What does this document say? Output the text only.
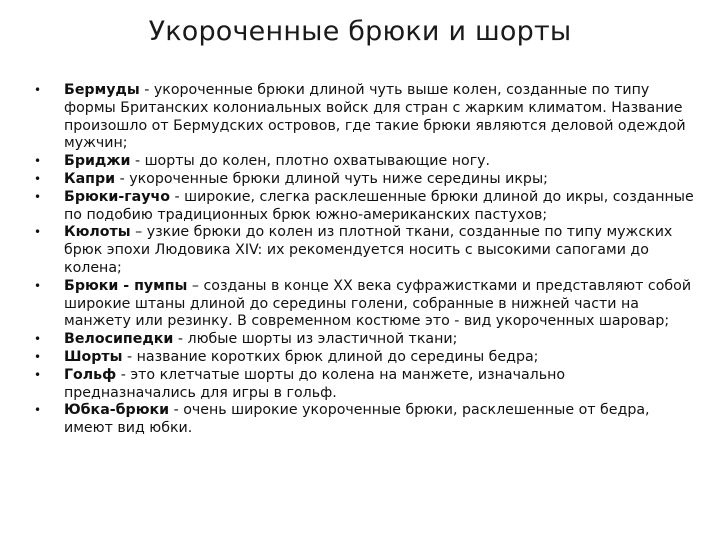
Укороченные брюки и шорты
•	Бермуды - укороченные брюки длиной чуть выше колен, созданные по типу формы Британских колониальных войск для стран с жарким климатом. Название произошло от Бермудских островов, где такие брюки являются деловой одеждой мужчин;
•	Бриджи - шорты до колен, плотно охватывающие ногу.
•	Капри - укороченные брюки длиной чуть ниже середины икры;
•	Брюки-гаучо - широкие, слегка расклешенные брюки длиной до икры, созданные по подобию традиционных брюк южно-американских пастухов;
•	Кюлоты – узкие брюки до колен из плотной ткани, созданные по типу мужских брюк эпохи Людовика XIV: их рекомендуется носить с высокими сапогами до колена;
•	Брюки - пумпы – созданы в конце XX века суфражистками и представляют собой широкие штаны длиной до середины голени, собранные в нижней части на манжету или резинку. В современном костюме это - вид укороченных шароваp;
•	Велосипедки - любые шорты из эластичной ткани;
•	Шорты - название коротких брюк длиной до середины бедра;
•	Гольф - это клетчатые шорты до колена на манжете, изначально предназначались для игры в гольф.
•	Юбка-брюки - очень широкие укороченные брюки, расклешенные от бедра, имеют вид юбки.
